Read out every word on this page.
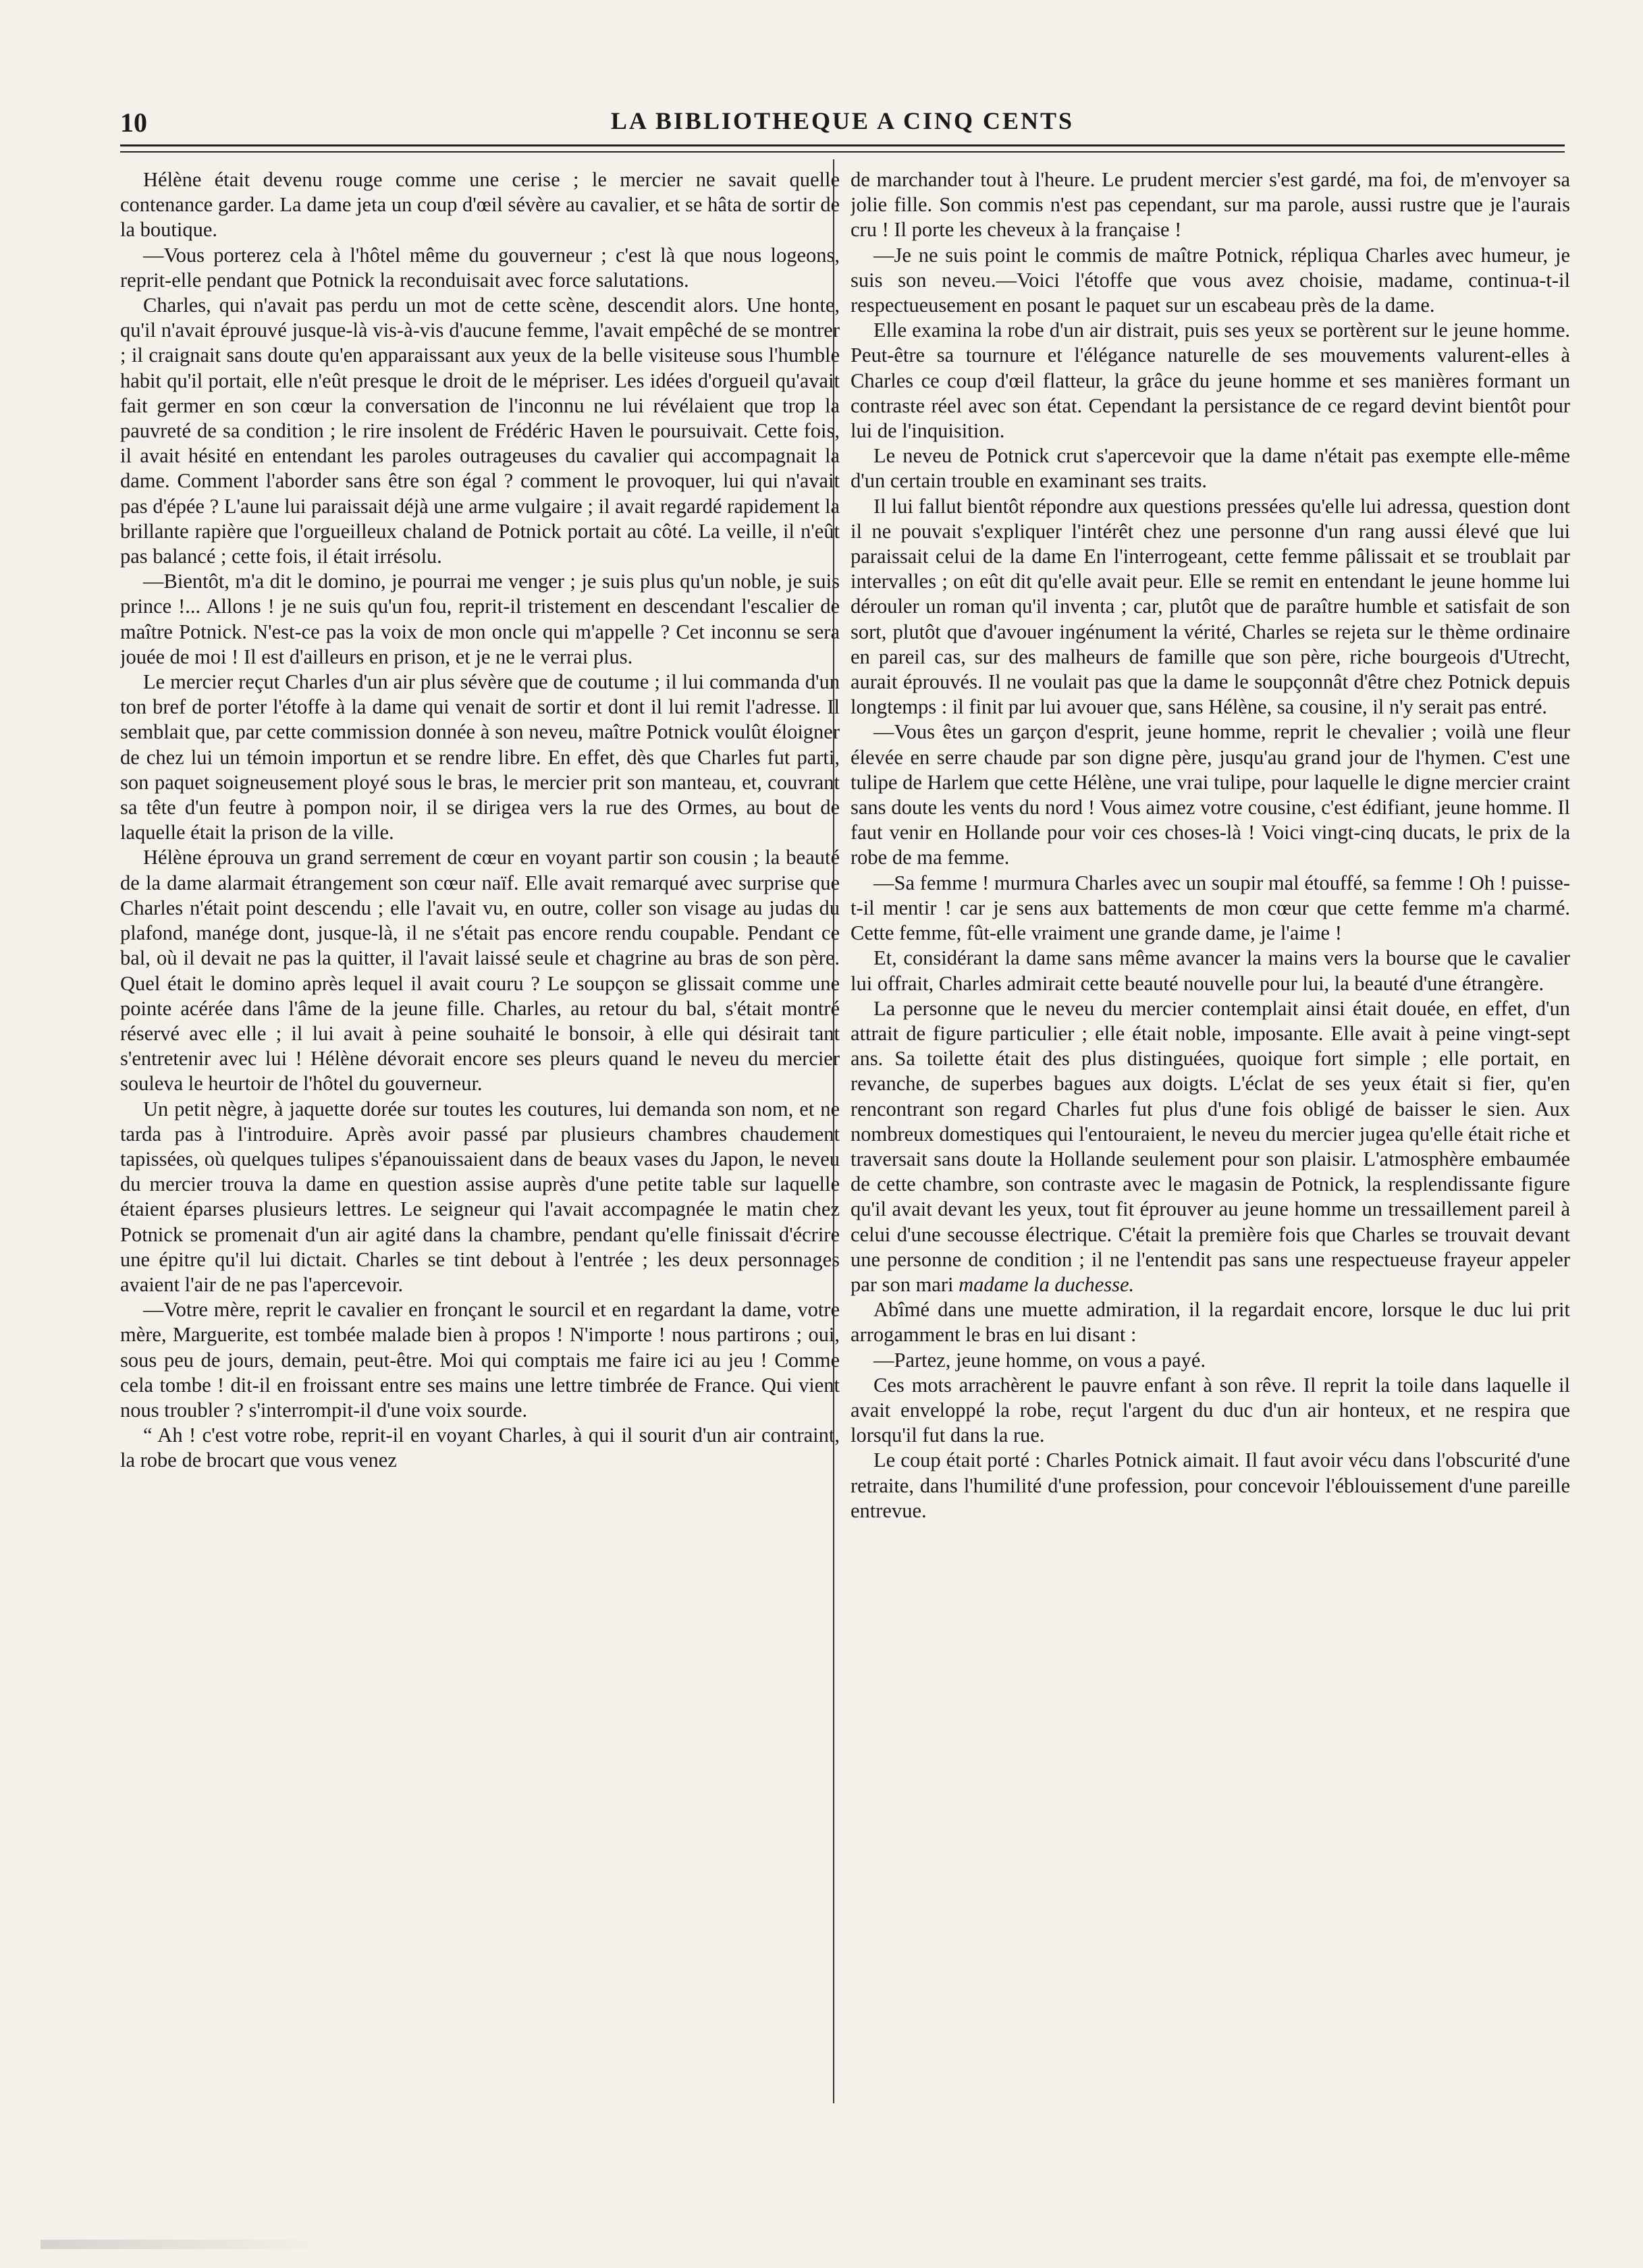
10	LA BIBLIOTHEQUE A CINQ CENTS

Hélène était devenu rouge comme une cerise ; le mercier ne savait quelle contenance garder. La dame jeta un coup d'œil sévère au cavalier, et se hâta de sortir de la boutique.

—Vous porterez cela à l'hôtel même du gouverneur ; c'est là que nous logeons, reprit-elle pendant que Potnick la reconduisait avec force salutations.

Charles, qui n'avait pas perdu un mot de cette scène, descendit alors. Une honte, qu'il n'avait éprouvé jusque-là vis-à-vis d'aucune femme, l'avait empêché de se montrer ; il craignait sans doute qu'en apparaissant aux yeux de la belle visiteuse sous l'humble habit qu'il portait, elle n'eût presque le droit de le mépriser. Les idées d'orgueil qu'avait fait germer en son cœur la conversation de l'inconnu ne lui révélaient que trop la pauvreté de sa condition ; le rire insolent de Frédéric Haven le poursuivait. Cette fois, il avait hésité en entendant les paroles outrageuses du cavalier qui accompagnait la dame. Comment l'aborder sans être son égal ? comment le provoquer, lui qui n'avait pas d'épée ? L'aune lui paraissait déjà une arme vulgaire ; il avait regardé rapidement la brillante rapière que l'orgueilleux chaland de Potnick portait au côté. La veille, il n'eût pas balancé ; cette fois, il était irrésolu.

—Bientôt, m'a dit le domino, je pourrai me venger ; je suis plus qu'un noble, je suis prince !... Allons ! je ne suis qu'un fou, reprit-il tristement en descendant l'escalier de maître Potnick. N'est-ce pas la voix de mon oncle qui m'appelle ? Cet inconnu se sera jouée de moi ! Il est d'ailleurs en prison, et je ne le verrai plus.

Le mercier reçut Charles d'un air plus sévère que de coutume ; il lui commanda d'un ton bref de porter l'étoffe à la dame qui venait de sortir et dont il lui remit l'adresse. Il semblait que, par cette commission donnée à son neveu, maître Potnick voulût éloigner de chez lui un témoin importun et se rendre libre. En effet, dès que Charles fut parti, son paquet soigneusement ployé sous le bras, le mercier prit son manteau, et, couvrant sa tête d'un feutre à pompon noir, il se dirigea vers la rue des Ormes, au bout de laquelle était la prison de la ville.

Hélène éprouva un grand serrement de cœur en voyant partir son cousin ; la beauté de la dame alarmait étrangement son cœur naïf. Elle avait remarqué avec surprise que Charles n'était point descendu ; elle l'avait vu, en outre, coller son visage au judas du plafond, manége dont, jusque-là, il ne s'était pas encore rendu coupable. Pendant ce bal, où il devait ne pas la quitter, il l'avait laissé seule et chagrine au bras de son père. Quel était le domino après lequel il avait couru ? Le soupçon se glissait comme une pointe acérée dans l'âme de la jeune fille. Charles, au retour du bal, s'était montré réservé avec elle ; il lui avait à peine souhaité le bonsoir, à elle qui désirait tant s'entretenir avec lui ! Hélène dévorait encore ses pleurs quand le neveu du mercier souleva le heurtoir de l'hôtel du gouverneur.

Un petit nègre, à jaquette dorée sur toutes les coutures, lui demanda son nom, et ne tarda pas à l'introduire. Après avoir passé par plusieurs chambres chaudement tapissées, où quelques tulipes s'épanouissaient dans de beaux vases du Japon, le neveu du mercier trouva la dame en question assise auprès d'une petite table sur laquelle étaient éparses plusieurs lettres. Le seigneur qui l'avait accompagnée le matin chez Potnick se promenait d'un air agité dans la chambre, pendant qu'elle finissait d'écrire une épitre qu'il lui dictait. Charles se tint debout à l'entrée ; les deux personnages avaient l'air de ne pas l'apercevoir.

—Votre mère, reprit le cavalier en fronçant le sourcil et en regardant la dame, votre mère, Marguerite, est tombée malade bien à propos ! N'importe ! nous partirons ; oui, sous peu de jours, demain, peut-être. Moi qui comptais me faire ici au jeu ! Comme cela tombe ! dit-il en froissant entre ses mains une lettre timbrée de France. Qui vient nous troubler ? s'interrompit-il d'une voix sourde.

“ Ah ! c'est votre robe, reprit-il en voyant Charles, à qui il sourit d'un air contraint, la robe de brocart que vous venez

de marchander tout à l'heure. Le prudent mercier s'est gardé, ma foi, de m'envoyer sa jolie fille. Son commis n'est pas cependant, sur ma parole, aussi rustre que je l'aurais cru ! Il porte les cheveux à la française !

—Je ne suis point le commis de maître Potnick, répliqua Charles avec humeur, je suis son neveu.—Voici l'étoffe que vous avez choisie, madame, continua-t-il respectueusement en posant le paquet sur un escabeau près de la dame.

Elle examina la robe d'un air distrait, puis ses yeux se portèrent sur le jeune homme. Peut-être sa tournure et l'élégance naturelle de ses mouvements valurent-elles à Charles ce coup d'œil flatteur, la grâce du jeune homme et ses manières formant un contraste réel avec son état. Cependant la persistance de ce regard devint bientôt pour lui de l'inquisition.

Le neveu de Potnick crut s'apercevoir que la dame n'était pas exempte elle-même d'un certain trouble en examinant ses traits.

Il lui fallut bientôt répondre aux questions pressées qu'elle lui adressa, question dont il ne pouvait s'expliquer l'intérêt chez une personne d'un rang aussi élevé que lui paraissait celui de la dame En l'interrogeant, cette femme pâlissait et se troublait par intervalles ; on eût dit qu'elle avait peur. Elle se remit en entendant le jeune homme lui dérouler un roman qu'il inventa ; car, plutôt que de paraître humble et satisfait de son sort, plutôt que d'avouer ingénument la vérité, Charles se rejeta sur le thème ordinaire en pareil cas, sur des malheurs de famille que son père, riche bourgeois d'Utrecht, aurait éprouvés. Il ne voulait pas que la dame le soupçonnât d'être chez Potnick depuis longtemps : il finit par lui avouer que, sans Hélène, sa cousine, il n'y serait pas entré.

—Vous êtes un garçon d'esprit, jeune homme, reprit le chevalier ; voilà une fleur élevée en serre chaude par son digne père, jusqu'au grand jour de l'hymen. C'est une tulipe de Harlem que cette Hélène, une vrai tulipe, pour laquelle le digne mercier craint sans doute les vents du nord ! Vous aimez votre cousine, c'est édifiant, jeune homme. Il faut venir en Hollande pour voir ces choses-là ! Voici vingt-cinq ducats, le prix de la robe de ma femme.

—Sa femme ! murmura Charles avec un soupir mal étouffé, sa femme ! Oh ! puisse-t-il mentir ! car je sens aux battements de mon cœur que cette femme m'a charmé. Cette femme, fût-elle vraiment une grande dame, je l'aime !

Et, considérant la dame sans même avancer la mains vers la bourse que le cavalier lui offrait, Charles admirait cette beauté nouvelle pour lui, la beauté d'une étrangère.

La personne que le neveu du mercier contemplait ainsi était douée, en effet, d'un attrait de figure particulier ; elle était noble, imposante. Elle avait à peine vingt-sept ans. Sa toilette était des plus distinguées, quoique fort simple ; elle portait, en revanche, de superbes bagues aux doigts. L'éclat de ses yeux était si fier, qu'en rencontrant son regard Charles fut plus d'une fois obligé de baisser le sien. Aux nombreux domestiques qui l'entouraient, le neveu du mercier jugea qu'elle était riche et traversait sans doute la Hollande seulement pour son plaisir. L'atmosphère embaumée de cette chambre, son contraste avec le magasin de Potnick, la resplendissante figure qu'il avait devant les yeux, tout fit éprouver au jeune homme un tressaillement pareil à celui d'une secousse électrique. C'était la première fois que Charles se trouvait devant une personne de condition ; il ne l'entendit pas sans une respectueuse frayeur appeler par son mari madame la duchesse.

Abîmé dans une muette admiration, il la regardait encore, lorsque le duc lui prit arrogamment le bras en lui disant :

—Partez, jeune homme, on vous a payé.

Ces mots arrachèrent le pauvre enfant à son rêve. Il reprit la toile dans laquelle il avait enveloppé la robe, reçut l'argent du duc d'un air honteux, et ne respira que lorsqu'il fut dans la rue.

Le coup était porté : Charles Potnick aimait. Il faut avoir vécu dans l'obscurité d'une retraite, dans l'humilité d'une profession, pour concevoir l'éblouissement d'une pareille entrevue.
